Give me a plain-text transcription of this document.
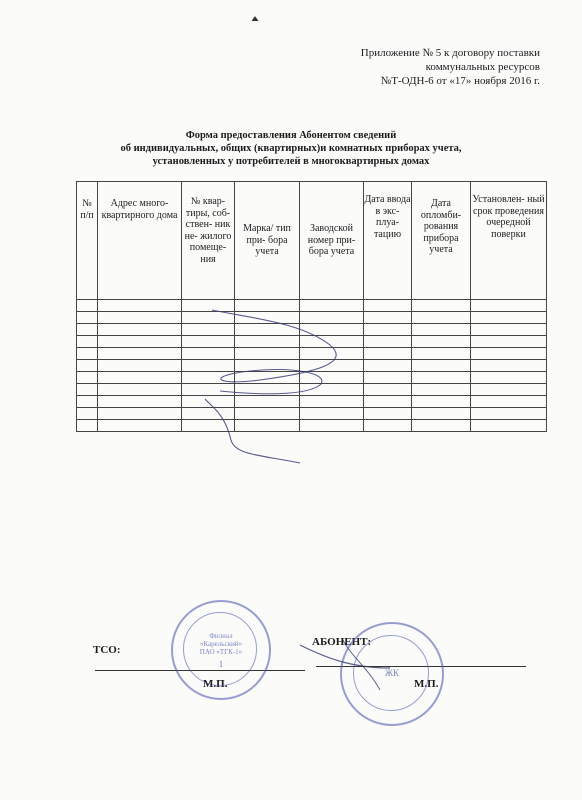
Приложение № 5 к договору поставки
коммунальных ресурсов
№Т-ОДН-6 от «17» ноября 2016 г.
Форма предоставления Абонентом сведений
об индивидуальных, общих (квартирных)и комнатных приборах учета,
установленных у потребителей в многоквартирных домах
№ п/п	Адрес много- квартирного дома	№ квар- тиры, соб- ствен- ник не- жилого помеще- ния	Марка/ тип при- бора учета	Заводской номер при- бора учета	Дата ввода в экс- плуа- тацию	Дата опломби- рования прибора учета	Установлен- ный срок проведения очередной поверки

ТСО:
АБОНЕНТ:
М.П.	М.П.
Филиал «Карельский» ПАО «ТГК-1»
1
ЖК
